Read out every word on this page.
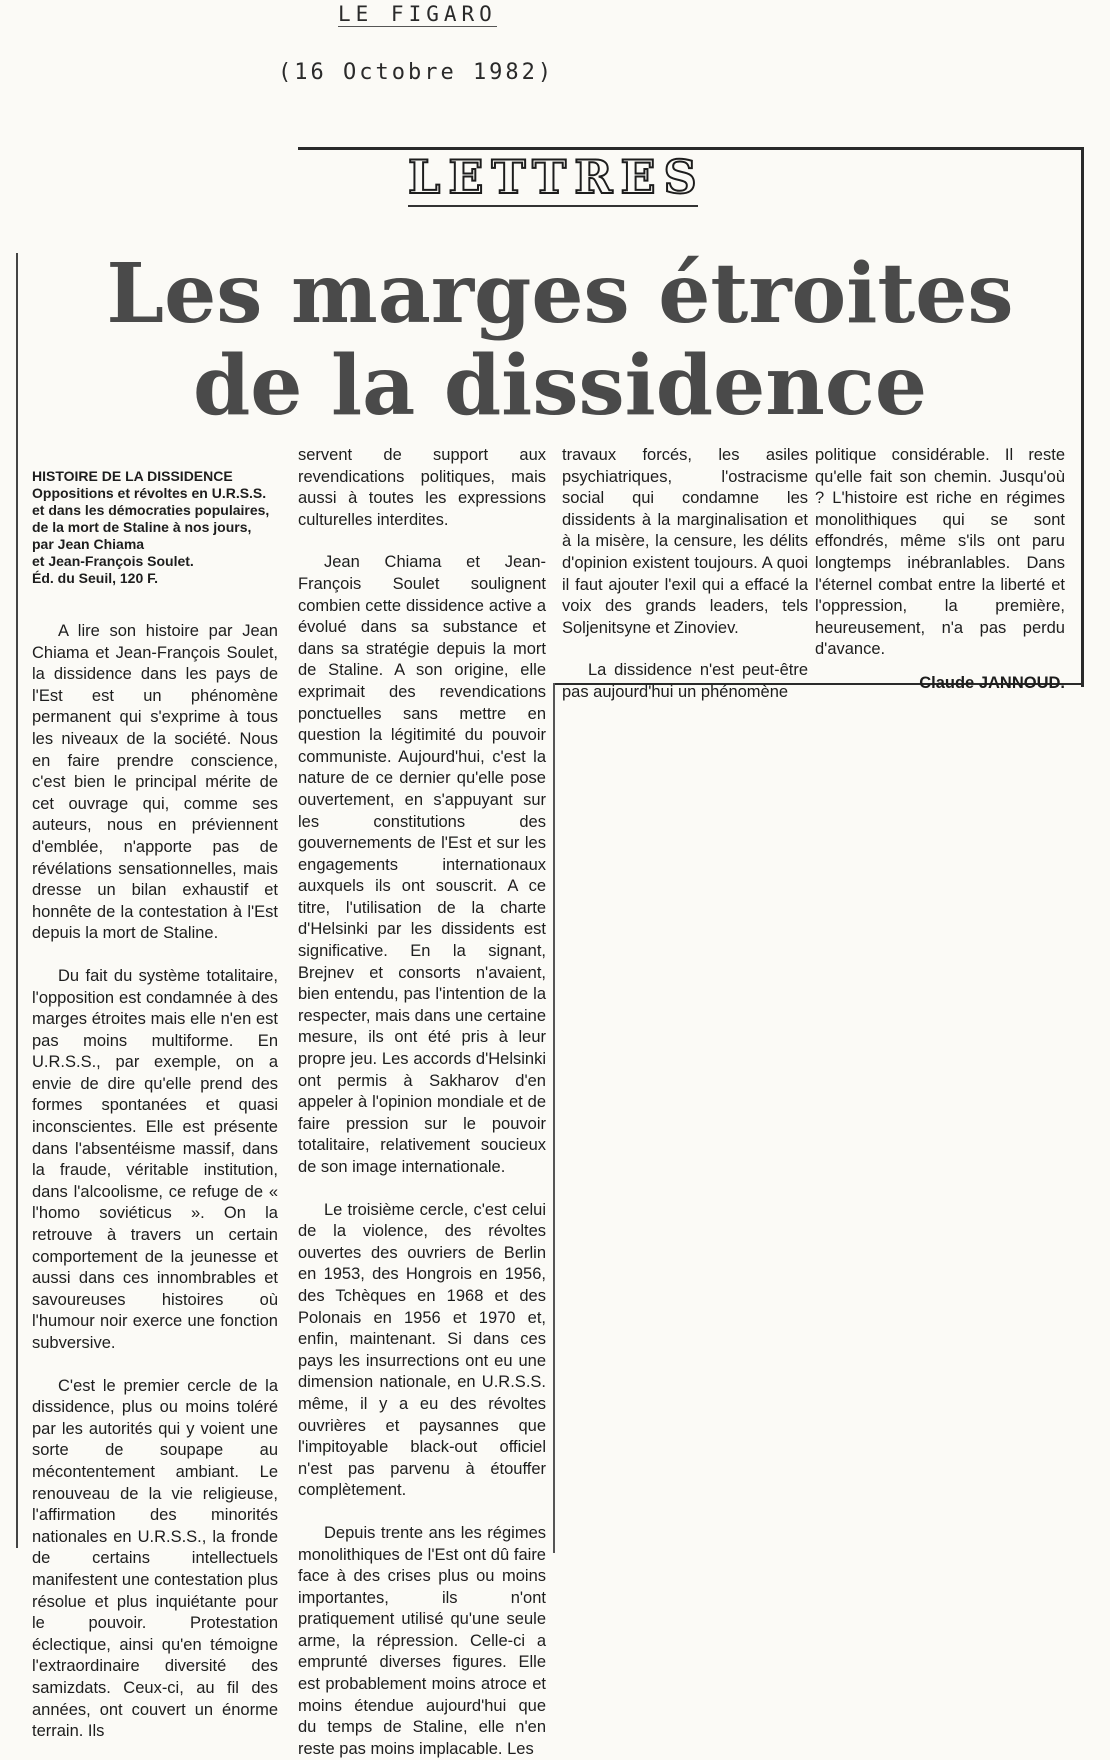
LE FIGARO
(16 Octobre 1982)
LETTRES
Les marges étroites
de la dissidence
HISTOIRE DE LA DISSIDENCE
Oppositions et révoltes en U.R.S.S. et dans les démocraties populaires, de la mort de Staline à nos jours,
par Jean Chiama
et Jean-François Soulet.
Éd. du Seuil, 120 F.

A lire son histoire par Jean Chiama et Jean-François Soulet, la dissidence dans les pays de l'Est est un phénomène permanent qui s'exprime à tous les niveaux de la société. Nous en faire prendre conscience, c'est bien le principal mérite de cet ouvrage qui, comme ses auteurs, nous en préviennent d'emblée, n'apporte pas de révélations sensationnelles, mais dresse un bilan exhaustif et honnête de la contestation à l'Est depuis la mort de Staline.

Du fait du système totalitaire, l'opposition est condamnée à des marges étroites mais elle n'en est pas moins multiforme. En U.R.S.S., par exemple, on a envie de dire qu'elle prend des formes spontanées et quasi inconscientes. Elle est présente dans l'absentéisme massif, dans la fraude, véritable institution, dans l'alcoolisme, ce refuge de « l'homo soviéticus ». On la retrouve à travers un certain comportement de la jeunesse et aussi dans ces innombrables et savoureuses histoires où l'humour noir exerce une fonction subversive.

C'est le premier cercle de la dissidence, plus ou moins toléré par les autorités qui y voient une sorte de soupape au mécontentement ambiant. Le renouveau de la vie religieuse, l'affirmation des minorités nationales en U.R.S.S., la fronde de certains intellectuels manifestent une contestation plus résolue et plus inquiétante pour le pouvoir. Protestation éclectique, ainsi qu'en témoigne l'extraordinaire diversité des samizdats. Ceux-ci, au fil des années, ont couvert un énorme terrain. Ils

servent de support aux revendications politiques, mais aussi à toutes les expressions culturelles interdites.

Jean Chiama et Jean-François Soulet soulignent combien cette dissidence active a évolué dans sa substance et dans sa stratégie depuis la mort de Staline. A son origine, elle exprimait des revendications ponctuelles sans mettre en question la légitimité du pouvoir communiste. Aujourd'hui, c'est la nature de ce dernier qu'elle pose ouvertement, en s'appuyant sur les constitutions des gouvernements de l'Est et sur les engagements internationaux auxquels ils ont souscrit. A ce titre, l'utilisation de la charte d'Helsinki par les dissidents est significative. En la signant, Brejnev et consorts n'avaient, bien entendu, pas l'intention de la respecter, mais dans une certaine mesure, ils ont été pris à leur propre jeu. Les accords d'Helsinki ont permis à Sakharov d'en appeler à l'opinion mondiale et de faire pression sur le pouvoir totalitaire, relativement soucieux de son image internationale.

Le troisième cercle, c'est celui de la violence, des révoltes ouvertes des ouvriers de Berlin en 1953, des Hongrois en 1956, des Tchèques en 1968 et des Polonais en 1956 et 1970 et, enfin, maintenant. Si dans ces pays les insurrections ont eu une dimension nationale, en U.R.S.S. même, il y a eu des révoltes ouvrières et paysannes que l'impitoyable black-out officiel n'est pas parvenu à étouffer complètement.

Depuis trente ans les régimes monolithiques de l'Est ont dû faire face à des crises plus ou moins importantes, ils n'ont pratiquement utilisé qu'une seule arme, la répression. Celle-ci a emprunté diverses figures. Elle est probablement moins atroce et moins étendue aujourd'hui que du temps de Staline, elle n'en reste pas moins implacable. Les

travaux forcés, les asiles psychiatriques, l'ostracisme social qui condamne les dissidents à la marginalisation et à la misère, la censure, les délits d'opinion existent toujours. A quoi il faut ajouter l'exil qui a effacé la voix des grands leaders, tels Soljenitsyne et Zinoviev.

La dissidence n'est peut-être pas aujourd'hui un phénomène

politique considérable. Il reste qu'elle fait son chemin. Jusqu'où ? L'histoire est riche en régimes monolithiques qui se sont effondrés, même s'ils ont paru longtemps inébranlables. Dans l'éternel combat entre la liberté et l'oppression, la première, heureusement, n'a pas perdu d'avance.

Claude JANNOUD.
